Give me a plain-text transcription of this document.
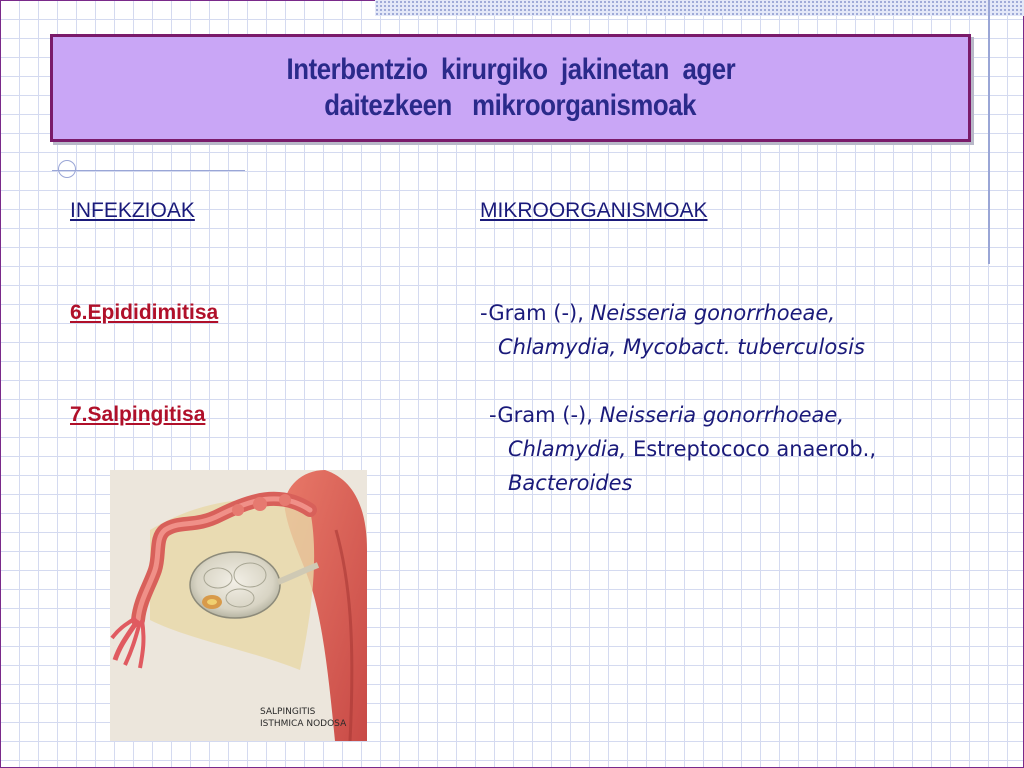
Interbentzio  kirurgiko  jakinetan  ager
daitezkeen   mikroorganismoak
INFEKZIOAK	MIKROORGANISMOAK
6.Epididimitisa
7.Salpingitisa
-Gram (-), Neisseria gonorrhoeae,
Chlamydia, Mycobact. tuberculosis
-Gram (-), Neisseria gonorrhoeae,
Chlamydia, Estreptococo anaerob.,
Bacteroides
SALPINGITIS
ISTHMICA NODOSA
